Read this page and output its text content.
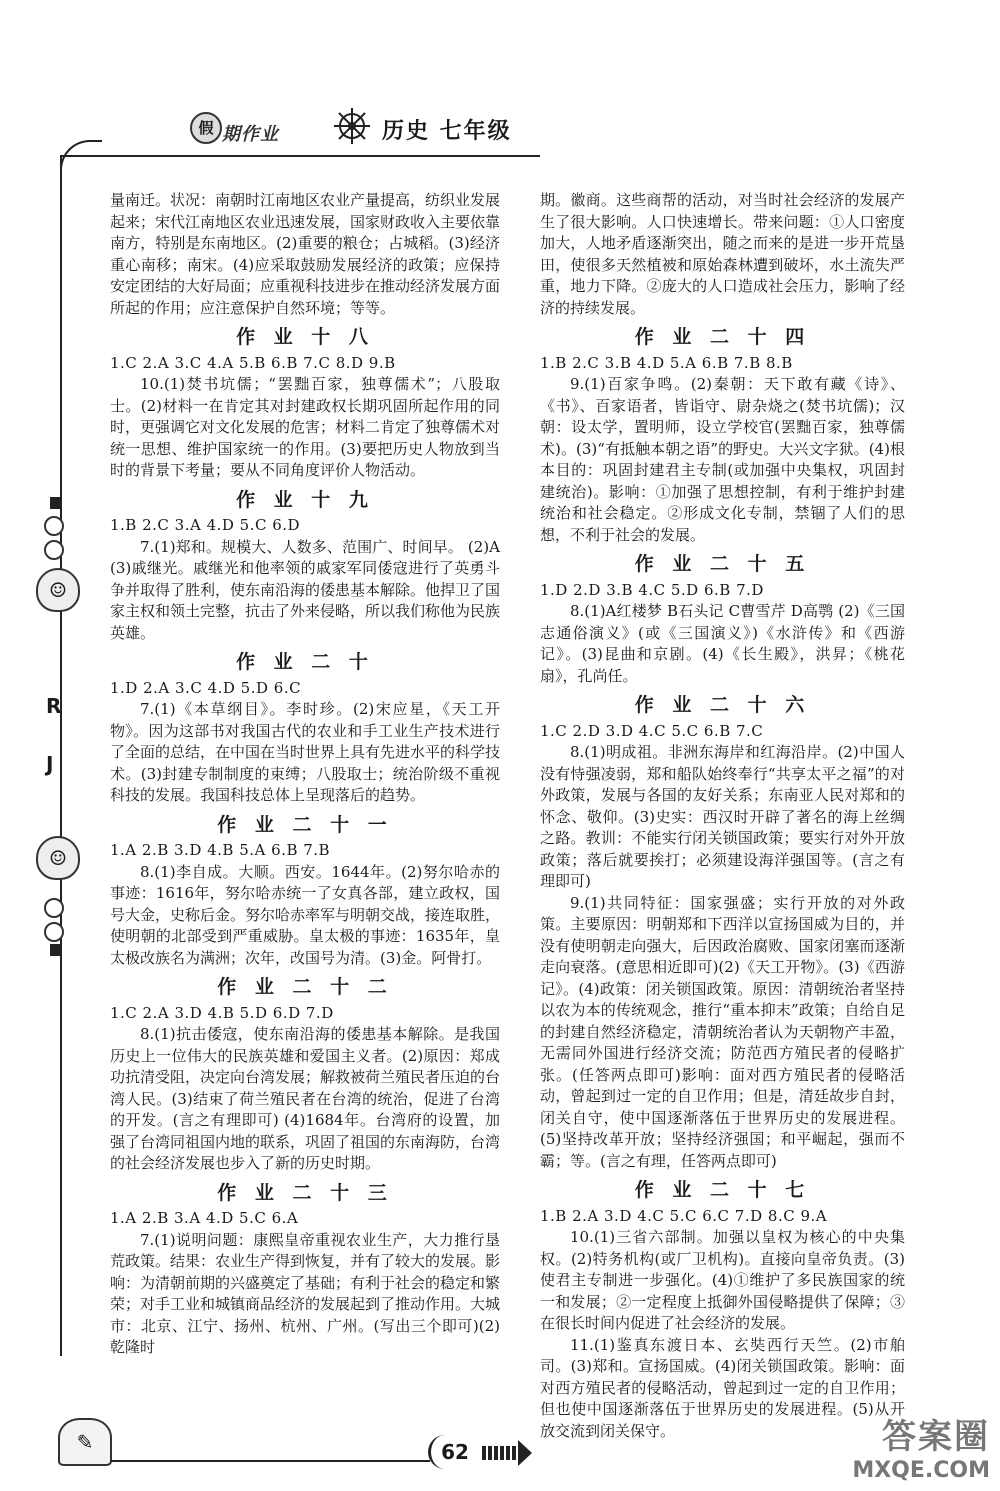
假 期作业	历史 七年级
☺
R
J
☺

量南迁。状况：南朝时江南地区农业产量提高，纺织业发展起来；宋代江南地区农业迅速发展，国家财政收入主要依靠南方，特别是东南地区。(2)重要的粮仓；占城稻。(3)经济重心南移；南宋。(4)应采取鼓励发展经济的政策；应保持安定团结的大好局面；应重视科技进步在推动经济发展方面所起的作用；应注意保护自然环境；等等。

作 业 十 八

1.C 2.A 3.C 4.A 5.B 6.B 7.C 8.D 9.B

10.(1)焚书坑儒；“罢黜百家，独尊儒术”；八股取士。(2)材料一在肯定其对封建政权长期巩固所起作用的同时，更强调它对文化发展的危害；材料二肯定了独尊儒术对统一思想、维护国家统一的作用。(3)要把历史人物放到当时的背景下考量；要从不同角度评价人物活动。

作 业 十 九

1.B 2.C 3.A 4.D 5.C 6.D

7.(1)郑和。规模大、人数多、范围广、时间早。 (2)A (3)戚继光。戚继光和他率领的戚家军同倭寇进行了英勇斗争并取得了胜利，使东南沿海的倭患基本解除。他捍卫了国家主权和领土完整，抗击了外来侵略，所以我们称他为民族英雄。

作 业 二 十

1.D 2.A 3.C 4.D 5.D 6.C

7.(1)《本草纲目》。李时珍。(2)宋应星，《天工开物》。因为这部书对我国古代的农业和手工业生产技术进行了全面的总结，在中国在当时世界上具有先进水平的科学技术。(3)封建专制制度的束缚；八股取士；统治阶级不重视科技的发展。我国科技总体上呈现落后的趋势。

作 业 二 十 一

1.A 2.B 3.D 4.B 5.A 6.B 7.B

8.(1)李自成。大顺。西安。1644年。(2)努尔哈赤的事迹：1616年，努尔哈赤统一了女真各部，建立政权，国号大金，史称后金。努尔哈赤率军与明朝交战，接连取胜，使明朝的北部受到严重威胁。皇太极的事迹：1635年，皇太极改族名为满洲；次年，改国号为清。(3)金。阿骨打。

作 业 二 十 二

1.C 2.A 3.D 4.B 5.D 6.D 7.D

8.(1)抗击倭寇，使东南沿海的倭患基本解除。是我国历史上一位伟大的民族英雄和爱国主义者。(2)原因：郑成功抗清受阻，决定向台湾发展；解救被荷兰殖民者压迫的台湾人民。(3)结束了荷兰殖民者在台湾的统治，促进了台湾的开发。(言之有理即可) (4)1684年。台湾府的设置，加强了台湾同祖国内地的联系，巩固了祖国的东南海防，台湾的社会经济发展也步入了新的历史时期。

作 业 二 十 三

1.A 2.B 3.A 4.D 5.C 6.A

7.(1)说明问题：康熙皇帝重视农业生产，大力推行垦荒政策。结果：农业生产得到恢复，并有了较大的发展。影响：为清朝前期的兴盛奠定了基础；有利于社会的稳定和繁荣；对手工业和城镇商品经济的发展起到了推动作用。大城市：北京、江宁、扬州、杭州、广州。(写出三个即可)(2)乾隆时

期。徽商。这些商帮的活动，对当时社会经济的发展产生了很大影响。人口快速增长。带来问题：①人口密度加大，人地矛盾逐渐突出，随之而来的是进一步开荒垦田，使很多天然植被和原始森林遭到破坏，水土流失严重，地力下降。②庞大的人口造成社会压力，影响了经济的持续发展。

作 业 二 十 四

1.B 2.C 3.B 4.D 5.A 6.B 7.B 8.B

9.(1)百家争鸣。(2)秦朝：天下敢有藏《诗》、《书》、百家语者，皆诣守、尉杂烧之(焚书坑儒)；汉朝：设太学，置明师，设立学校官(罢黜百家，独尊儒术)。(3)“有抵触本朝之语”的野史。大兴文字狱。(4)根本目的：巩固封建君主专制(或加强中央集权，巩固封建统治)。影响：①加强了思想控制，有利于维护封建统治和社会稳定。②形成文化专制，禁锢了人们的思想，不利于社会的发展。

作 业 二 十 五

1.D 2.D 3.B 4.C 5.D 6.B 7.D

8.(1)A红楼梦 B石头记 C曹雪芹 D高鹗 (2)《三国志通俗演义》(或《三国演义》)《水浒传》和《西游记》。(3)昆曲和京剧。(4)《长生殿》，洪昇；《桃花扇》，孔尚任。

作 业 二 十 六

1.C 2.D 3.D 4.C 5.C 6.B 7.C

8.(1)明成祖。非洲东海岸和红海沿岸。(2)中国人没有恃强凌弱，郑和船队始终奉行“共享太平之福”的对外政策，发展与各国的友好关系；东南亚人民对郑和的怀念、敬仰。(3)史实：西汉时开辟了著名的海上丝绸之路。教训：不能实行闭关锁国政策；要实行对外开放政策；落后就要挨打；必须建设海洋强国等。(言之有理即可)

9.(1)共同特征：国家强盛；实行开放的对外政策。主要原因：明朝郑和下西洋以宣扬国威为目的，并没有使明朝走向强大，后因政治腐败、国家闭塞而逐渐走向衰落。(意思相近即可)(2)《天工开物》。(3)《西游记》。(4)政策：闭关锁国政策。原因：清朝统治者坚持以农为本的传统观念，推行“重本抑末”政策；自给自足的封建自然经济稳定，清朝统治者认为天朝物产丰盈，无需同外国进行经济交流；防范西方殖民者的侵略扩张。(任答两点即可)影响：面对西方殖民者的侵略活动，曾起到过一定的自卫作用；但是，清廷故步自封，闭关自守，使中国逐渐落伍于世界历史的发展进程。(5)坚持改革开放；坚持经济强国；和平崛起，强而不霸；等。(言之有理，任答两点即可)

作 业 二 十 七

1.B 2.A 3.D 4.C 5.C 6.C 7.D 8.C 9.A

10.(1)三省六部制。加强以皇权为核心的中央集权。(2)特务机构(或厂卫机构)。直接向皇帝负责。(3)使君主专制进一步强化。(4)①维护了多民族国家的统一和发展；②一定程度上抵御外国侵略提供了保障；③在很长时间内促进了社会经济的发展。

11.(1)鉴真东渡日本、玄奘西行天竺。(2)市舶司。(3)郑和。宣扬国威。(4)闭关锁国政策。影响：面对西方殖民者的侵略活动，曾起到过一定的自卫作用；但也使中国逐渐落伍于世界历史的发展进程。(5)从开放交流到闭关保守。

✎	62	答案圈
MXQE.COM
